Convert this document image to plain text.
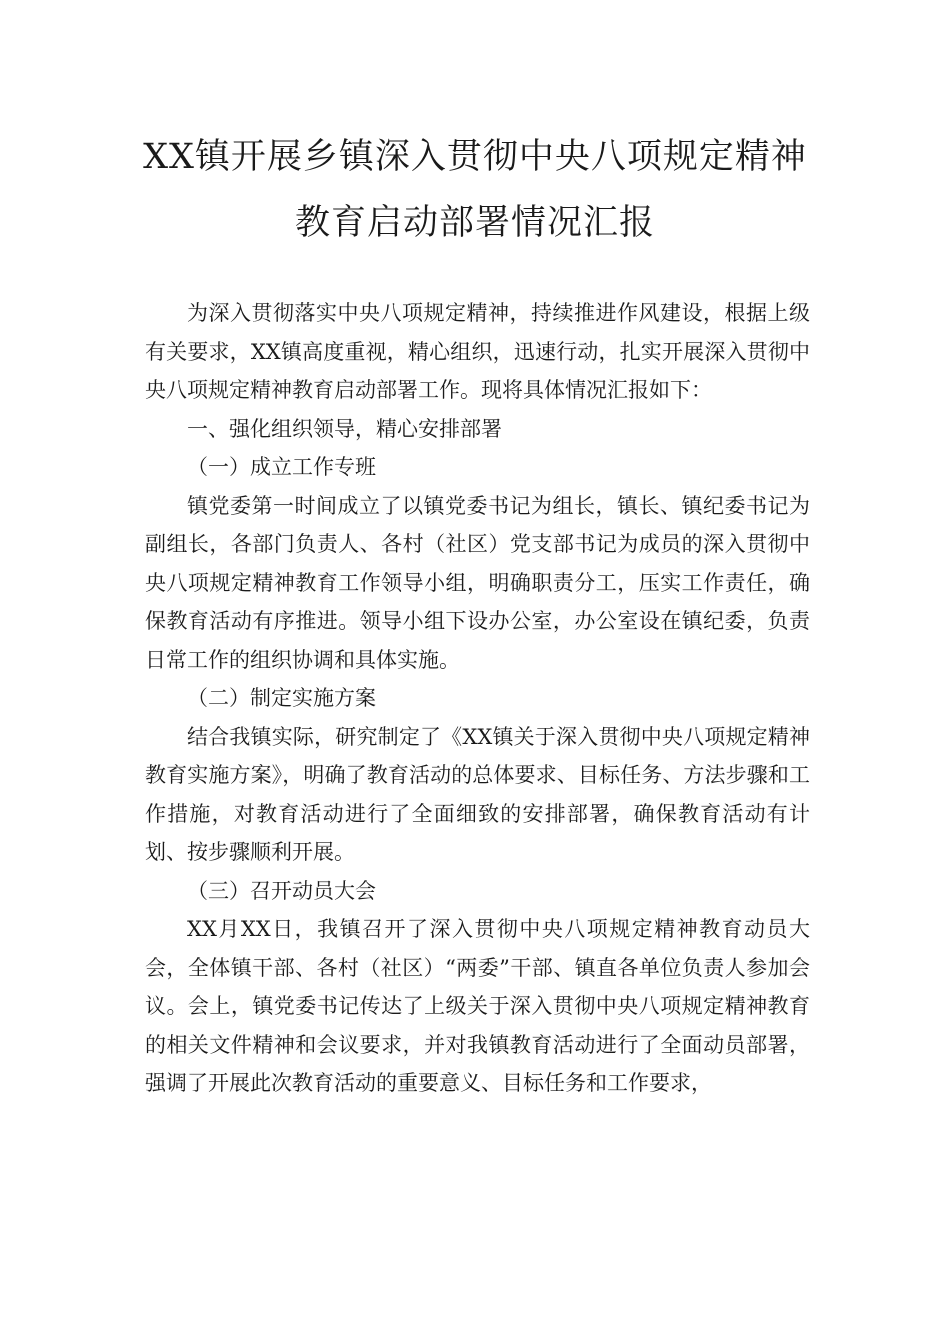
XX镇开展乡镇深入贯彻中央八项规定精神
教育启动部署情况汇报

为深入贯彻落实中央八项规定精神，持续推进作风建设，根据上级有关要求，XX镇高度重视，精心组织，迅速行动，扎实开展深入贯彻中央八项规定精神教育启动部署工作。现将具体情况汇报如下：

一、强化组织领导，精心安排部署

（一）成立工作专班

镇党委第一时间成立了以镇党委书记为组长，镇长、镇纪委书记为副组长，各部门负责人、各村（社区）党支部书记为成员的深入贯彻中央八项规定精神教育工作领导小组，明确职责分工，压实工作责任，确保教育活动有序推进。领导小组下设办公室，办公室设在镇纪委，负责日常工作的组织协调和具体实施。

（二）制定实施方案

结合我镇实际，研究制定了《XX镇关于深入贯彻中央八项规定精神教育实施方案》，明确了教育活动的总体要求、目标任务、方法步骤和工作措施，对教育活动进行了全面细致的安排部署，确保教育活动有计划、按步骤顺利开展。

（三）召开动员大会

XX月XX日，我镇召开了深入贯彻中央八项规定精神教育动员大会，全体镇干部、各村（社区）“两委”干部、镇直各单位负责人参加会议。会上，镇党委书记传达了上级关于深入贯彻中央八项规定精神教育的相关文件精神和会议要求，并对我镇教育活动进行了全面动员部署，强调了开展此次教育活动的重要意义、目标任务和工作要求，
